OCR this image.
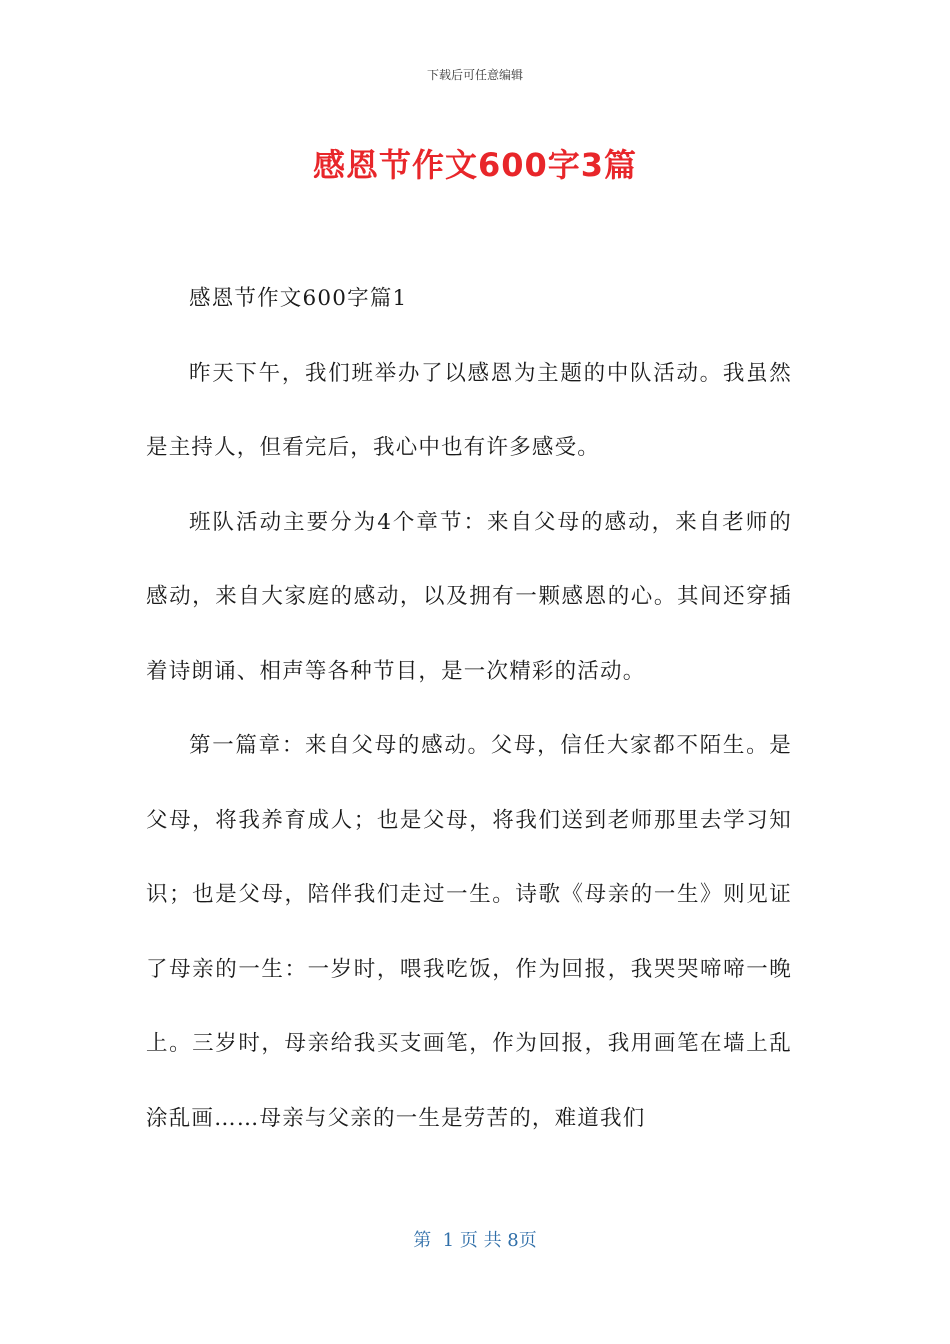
下载后可任意编辑
感恩节作文600字3篇

感恩节作文600字篇1

昨天下午，我们班举办了以感恩为主题的中队活动。我虽然是主持人，但看完后，我心中也有许多感受。

班队活动主要分为4个章节：来自父母的感动，来自老师的感动，来自大家庭的感动，以及拥有一颗感恩的心。其间还穿插着诗朗诵、相声等各种节目，是一次精彩的活动。

第一篇章：来自父母的感动。父母，信任大家都不陌生。是父母，将我养育成人；也是父母，将我们送到老师那里去学习知识；也是父母，陪伴我们走过一生。诗歌《母亲的一生》则见证了母亲的一生：一岁时，喂我吃饭，作为回报，我哭哭啼啼一晚上。三岁时，母亲给我买支画笔，作为回报，我用画笔在墙上乱涂乱画……母亲与父亲的一生是劳苦的，难道我们

第  1 页 共 8页
